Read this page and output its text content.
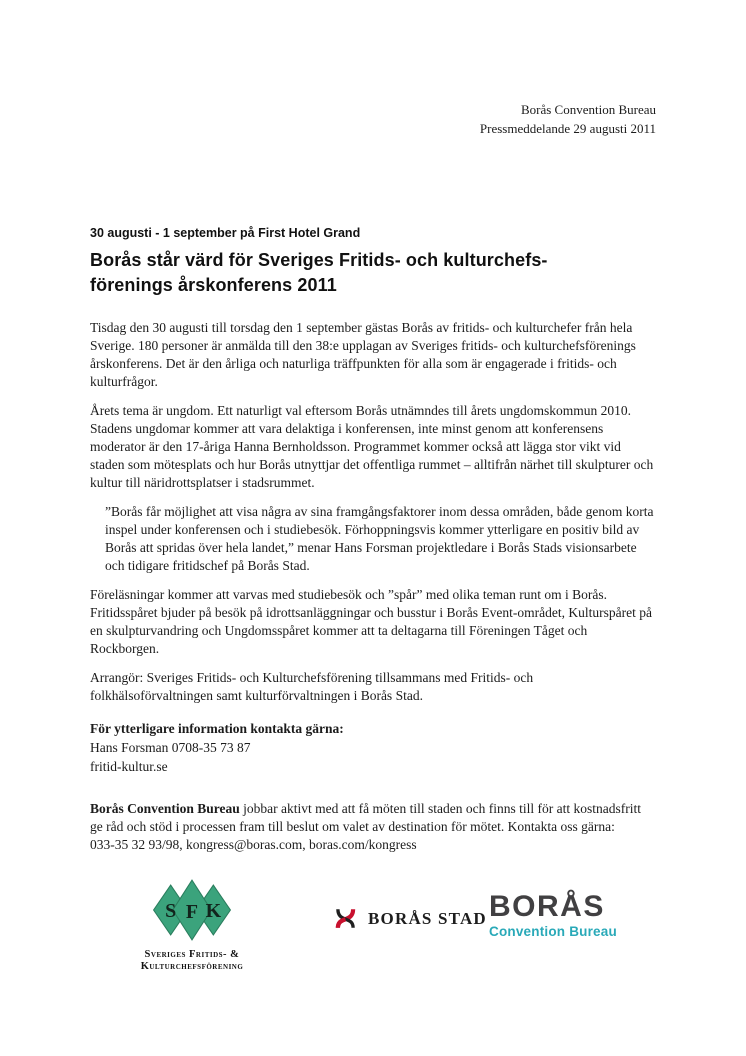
Borås Convention Bureau
Pressmeddelande 29 augusti 2011
30 augusti - 1 september på First Hotel Grand
Borås står värd för Sveriges Fritids- och kulturchefs-
förenings årskonferens 2011

Tisdag den 30 augusti till torsdag den 1 september gästas Borås av fritids- och kulturchefer från hela Sverige. 180 personer är anmälda till den 38:e upplagan av Sveriges fritids- och kulturchefsförenings årskonferens. Det är den årliga och naturliga träffpunkten för alla som är engagerade i fritids- och kulturfrågor.

Årets tema är ungdom. Ett naturligt val eftersom Borås utnämndes till årets ungdomskommun 2010. Stadens ungdomar kommer att vara delaktiga i konferensen, inte minst genom att konferensens moderator är den 17-åriga Hanna Bernholdsson. Programmet kommer också att lägga stor vikt vid staden som mötesplats och hur Borås utnyttjar det offentliga rummet – alltifrån närhet till skulpturer och kultur till näridrottsplatser i stadsrummet.

”Borås får möjlighet att visa några av sina framgångsfaktorer inom dessa områden, både genom korta inspel under konferensen och i studiebesök. Förhoppningsvis kommer ytterligare en positiv bild av Borås att spridas över hela landet,” menar Hans Forsman projektledare i Borås Stads visionsarbete och tidigare fritidschef på Borås Stad.

Föreläsningar kommer att varvas med studiebesök och ”spår” med olika teman runt om i Borås. Fritidsspåret bjuder på besök på idrottsanläggningar och busstur i Borås Event-området, Kulturspåret på en skulpturvandring och Ungdomsspåret kommer att ta deltagarna till Föreningen Tåget och Rockborgen.

Arrangör: Sveriges Fritids- och Kulturchefsförening tillsammans med Fritids- och folkhälsoförvaltningen samt kulturförvaltningen i Borås Stad.

För ytterligare information kontakta gärna:
Hans Forsman 0708-35 73 87
fritid-kultur.se

Borås Convention Bureau jobbar aktivt med att få möten till staden och finns till för att kostnadsfritt ge råd och stöd i processen fram till beslut om valet av destination för mötet. Kontakta oss gärna:
033-35 32 93/98, kongress@boras.com, boras.com/kongress

S F K
Sveriges Fritids- &
Kulturchefsförening
BORÅS STAD BORÅS
Convention Bureau
